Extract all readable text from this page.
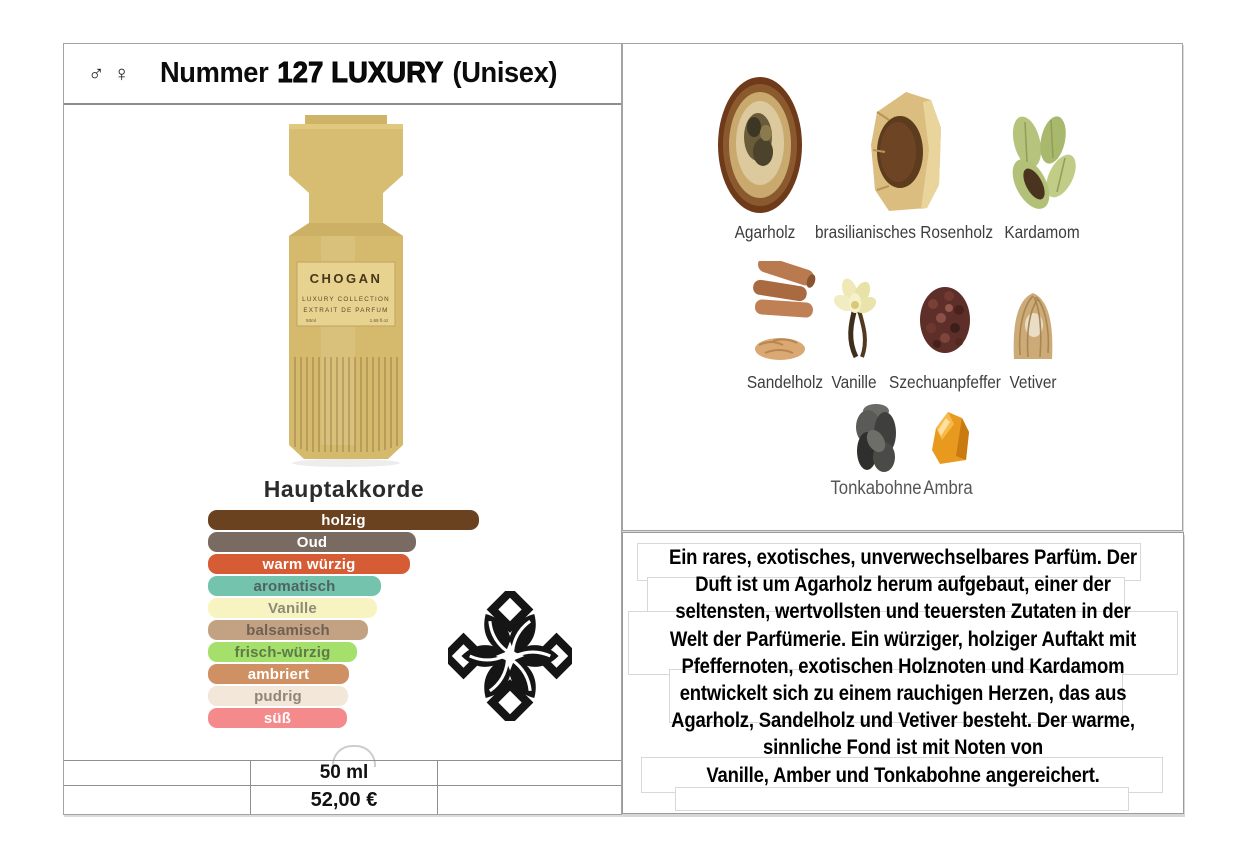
♂ ♀ Nummer 127 LUXURY (Unisex)
CHOGAN
LUXURY COLLECTION
EXTRAIT DE PARFUM
50ml	1.69 fl.oz
Hauptakkorde
holzig
Oud
warm würzig
aromatisch
Vanille
balsamisch
frisch-würzig
ambriert
pudrig
süß
50 ml
52,00 €
Agarholz brasilianisches Rosenholz Kardamom
Sandelholz Vanille Szechuanpfeffer Vetiver
Tonkabohne Ambra
Ein rares, exotisches, unverwechselbares Parfüm. Der
Duft ist um Agarholz herum aufgebaut, einer der
seltensten, wertvollsten und teuersten Zutaten in der
Welt der Parfümerie. Ein würziger, holziger Auftakt mit
Pfeffernoten, exotischen Holznoten und Kardamom
entwickelt sich zu einem rauchigen Herzen, das aus
Agarholz, Sandelholz und Vetiver besteht. Der warme,
sinnliche Fond ist mit Noten von
Vanille, Amber und Tonkabohne angereichert.
